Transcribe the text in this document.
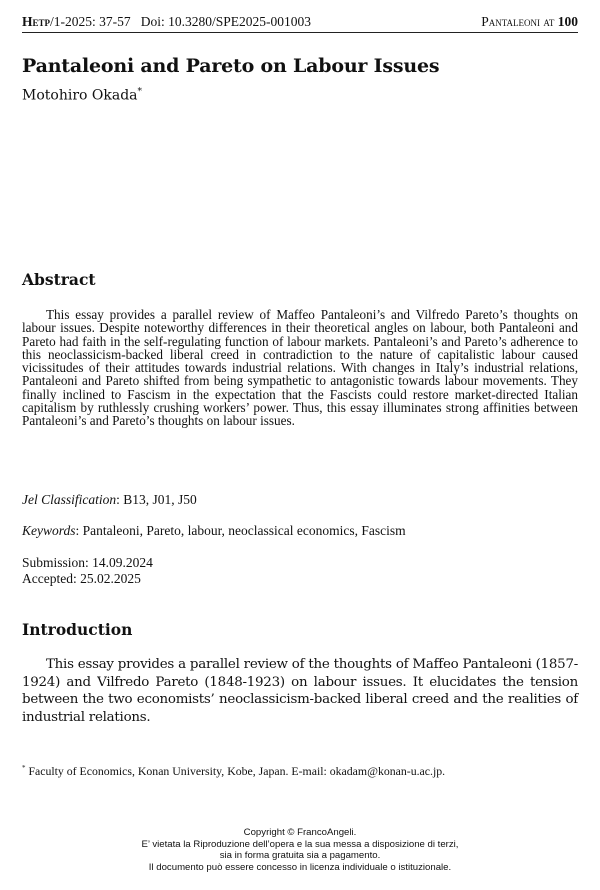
Hetp/1-2025: 37-57 Doi: 10.3280/SPE2025-001003	Pantaleoni at 100
Pantaleoni and Pareto on Labour Issues
Motohiro Okada*
Abstract

This essay provides a parallel review of Maffeo Pantaleoni’s and Vilfredo Pareto’s thoughts on labour issues. Despite noteworthy differences in their theoretical angles on labour, both Pantaleoni and Pareto had faith in the self-regulating function of labour markets. Pantaleoni’s and Pareto’s adherence to this neoclassicism-backed liberal creed in contradiction to the nature of capitalistic labour caused vicissitudes of their attitudes towards industrial relations. With changes in Italy’s industrial relations, Pantaleoni and Pareto shifted from being sympathetic to antagonistic towards labour movements. They finally inclined to Fascism in the expectation that the Fascists could restore market-directed Italian capitalism by ruthlessly crushing workers’ power. Thus, this essay illuminates strong affinities between Pantaleoni’s and Pareto’s thoughts on labour issues.

Jel Classification: B13, J01, J50
Keywords: Pantaleoni, Pareto, labour, neoclassical economics, Fascism
Submission: 14.09.2024
Accepted: 25.02.2025
Introduction

This essay provides a parallel review of the thoughts of Maffeo Pantaleoni (1857-1924) and Vilfredo Pareto (1848-1923) on labour issues. It elucidates the tension between the two economists’ neoclassicism-backed liberal creed and the realities of industrial relations.

* Faculty of Economics, Konan University, Kobe, Japan. E-mail: okadam@konan-u.ac.jp.
Copyright © FrancoAngeli.
E’ vietata la Riproduzione dell’opera e la sua messa a disposizione di terzi,
sia in forma gratuita sia a pagamento.
Il documento può essere concesso in licenza individuale o istituzionale.
